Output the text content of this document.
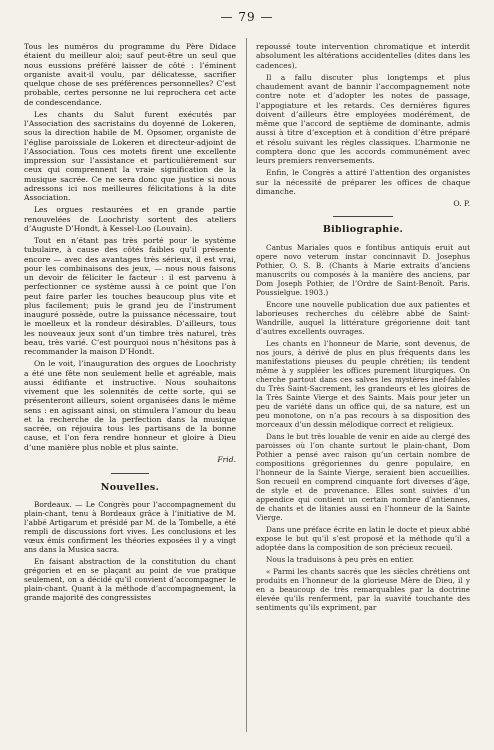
— 79 —

Tous les numéros du programme du Père Didace étaient du meilleur aloi; sauf peut-être un seul que nous eussions préféré laisser de côté : l’éminent organiste avait-il voulu, par délicatesse, sacrifier quelque chose de ses préférences personnelles? C’est probable, certes personne ne lui reprochera cet acte de condescendance.

Les chants du Salut furent exécutés par l’Association des sacristains du doyenné de Lokeren, sous la direction habile de M. Opsomer, organiste de l’église paroissiale de Lokeren et directeur-adjoint de l’Association. Tous ces motets firent une excellente impression sur l’assistance et particulièrement sur ceux qui comprennent la vraie signification de la musique sacrée. Ce ne sera donc que justice si nous adressons ici nos meilleures félicitations à la dite Association.

Les orgues restaurées et en grande partie renouvelées de Loochristy sortent des ateliers d’Auguste D’Hondt, à Kessel-Loo (Louvain).

Tout en n’étant pas très porté pour le système tubulaire, à cause des côtés faibles qu’il présente encore — avec des avantages très sérieux, il est vrai, pour les combinaisons des jeux, — nous nous faisons un devoir de féliciter le facteur : il est parvenu à perfectionner ce système aussi à ce point que l’on peut faire parler les touches beaucoup plus vite et plus facilement; puis le grand jeu de l’instrument inauguré possède, outre la puissance nécessaire, tout le moelleux et la rondeur désirables. D’ailleurs, tous les nouveaux jeux sont d’un timbre très naturel, très beau, très varié. C’est pourquoi nous n’hésitons pas à recommander la maison D’Hondt.

On le voit, l’inauguration des orgues de Loochristy a été une fête non seulement belle et agréable, mais aussi édifiante et instructive. Nous souhaitons vivement que les solennités de cette sorte, qui se présenteront ailleurs, soient organisées dans le même sens : en agissant ainsi, on stimulera l’amour du beau et la recherche de la perfection dans la musique sacrée, on réjouira tous les partisans de la bonne cause, et l’on fera rendre honneur et gloire à Dieu d’une manière plus noble et plus sainte.

Frid.
Nouvelles.

Bordeaux. — Le Congrès pour l’accompagnement du plain-chant, tenu à Bordeaux grâce à l’initiative de M. l’abbé Artigarum et présidé par M. de la Tombelle, a été rempli de discussions fort vives. Les conclusions et les vœux émis confirment les théories exposées il y a vingt ans dans la Musica sacra.

En faisant abstraction de la constitution du chant grégorien et en se plaçant au point de vue pratique seulement, on a décidé qu’il convient d’accompagner le plain-chant. Quant à la méthode d’accompagnement, la grande majorité des congressistes

repoussé toute intervention chromatique et interdit absolument les altérations accidentelles (dites dans les cadences).

Il a fallu discuter plus longtemps et plus chaudement avant de bannir l’accompagnement note contre note et d’adopter les notes de passage, l’appogiature et les retards. Ces dernières figures doivent d’ailleurs être employées modérément, de même que l’accord de septième de dominante, admis aussi à titre d’exception et à condition d’être préparé et résolu suivant les règles classiques. L’harmonie ne comptera donc que les accords communément avec leurs premiers renversements.

Enfin, le Congrès a attiré l’attention des organistes sur la nécessité de préparer les offices de chaque dimanche.

O. P.
Bibliographie.

Cantus Mariales quos e fontibus antiquis eruit aut opere novo veterum instar concinnavit D. Josephus Pothier, O. S. B. (Chants à Marie extraits d’anciens manuscrits ou composés à la manière des anciens, par Dom Joseph Pothier, de l’Ordre de Saint-Benoît. Paris. Poussielgue. 1903.)

Encore une nouvelle publication due aux patientes et laborieuses recherches du célèbre abbé de Saint-Wandrille, auquel la littérature grégorienne doit tant d’autres excellents ouvrages.

Les chants en l’honneur de Marie, sont devenus, de nos jours, à dérivé de plus en plus fréquents dans les manifestations pieuses du peuple chrétien; ils tendent même à y suppléer les offices purement liturgiques. On cherche partout dans ces salves les mystères inef-fables du Très Saint-Sacrement, les grandeurs et les gloires de la Très Sainte Vierge et des Saints. Mais pour jeter un peu de variété dans un office qui, de sa nature, est un peu monotone, on n’a pas recours à sa disposition des morceaux d’un dessin mélodique correct et religieux.

Dans le but très louable de venir en aide au clergé des paroisses où l’on chante surtout le plain-chant, Dom Pothier a pensé avec raison qu’un certain nombre de compositions grégoriennes du genre populaire, en l’honneur de la Sainte Vierge, seraient bien accueillies. Son recueil en comprend cinquante fort diverses d’âge, de style et de provenance. Elles sont suivies d’un appendice qui contient un certain nombre d’antiennes, de chants et de litanies aussi en l’honneur de la Sainte Vierge.

Dans une préface écrite en latin le docte et pieux abbé expose le but qu’il s’est proposé et la méthode qu’il a adoptée dans la composition de son précieux recueil.

Nous la traduisons à peu près en entier.

« Parmi les chants sacrés que les siècles chrétiens ont produits en l’honneur de la glorieuse Mère de Dieu, il y en a beaucoup de très remarquables par la doctrine élevée qu’ils renferment, par la suavité touchante des sentiments qu’ils expriment, par
